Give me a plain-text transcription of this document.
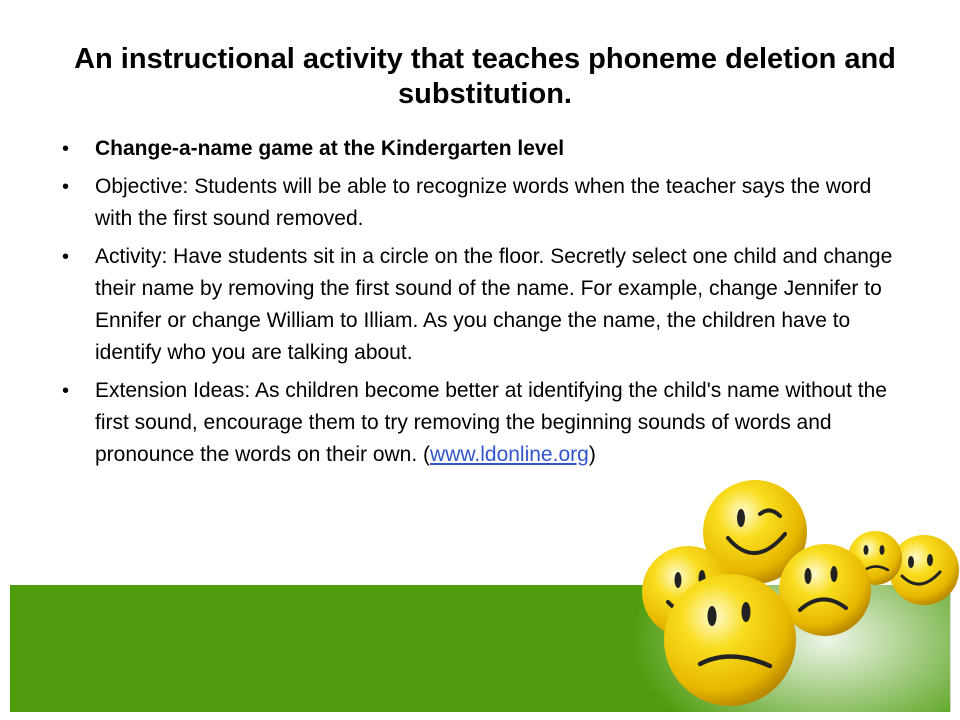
An instructional activity that teaches phoneme deletion and substitution.
• Change-a-name game at the Kindergarten level
• Objective: Students will be able to recognize words when the teacher says the word with the first sound removed.
• Activity: Have students sit in a circle on the floor. Secretly select one child and change their name by removing the first sound of the name. For example, change Jennifer to Ennifer or change William to Illiam. As you change the name, the children have to identify who you are talking about.
• Extension Ideas: As children become better at identifying the child's name without the first sound, encourage them to try removing the beginning sounds of words and pronounce the words on their own. (www.ldonline.org)
